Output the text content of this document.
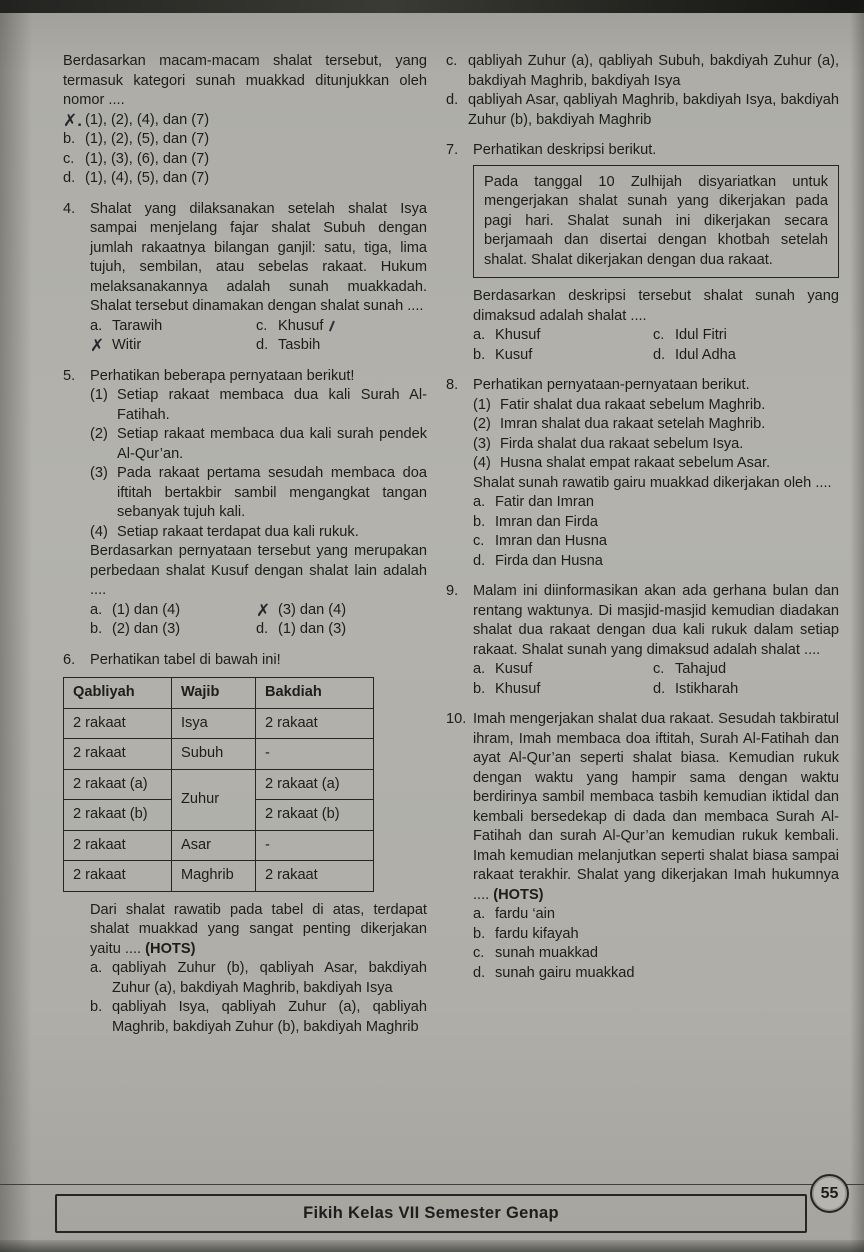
Berdasarkan macam-macam shalat tersebut, yang termasuk kategori sunah muakkad ditunjukkan oleh nomor ....

✗. (1), (2), (4), dan (7)
b. (1), (2), (5), dan (7)
c. (1), (3), (6), dan (7)
d. (1), (4), (5), dan (7)
4.	Shalat yang dilaksanakan setelah shalat Isya sampai menjelang fajar shalat Subuh dengan jumlah rakaatnya bilangan ganjil: satu, tiga, lima tujuh, sembilan, atau sebelas rakaat. Hukum melaksanakannya adalah sunah muakkadah. Shalat tersebut dinamakan dengan shalat sunah ....

a. Tarawih	c. Khusuf
✗ Witir	d. Tasbih
5.	Perhatikan beberapa pernyataan berikut!

(1) Setiap rakaat membaca dua kali Surah Al-Fatihah.
(2) Setiap rakaat membaca dua kali surah pendek Al-Qur’an.
(3) Pada rakaat pertama sesudah membaca doa iftitah bertakbir sambil mengangkat tangan sebanyak tujuh kali.
(4) Setiap rakaat terdapat dua kali rukuk.

Berdasarkan pernyataan tersebut yang merupakan perbedaan shalat Kusuf dengan shalat lain adalah ....

a. (1) dan (4)	✗ (3) dan (4)
b. (2) dan (3)	d. (1) dan (3)
6.	Perhatikan tabel di bawah ini!

Qabliyah	Wajib	Bakdiah
2 rakaat	Isya	2 rakaat
2 rakaat	Subuh	-
2 rakaat (a)	Zuhur	2 rakaat (a)
2 rakaat (b)		2 rakaat (b)
2 rakaat	Asar	-
2 rakaat	Maghrib	2 rakaat

Dari shalat rawatib pada tabel di atas, terdapat shalat muakkad yang sangat penting dikerjakan yaitu .... (HOTS)

a. qabliyah Zuhur (b), qabliyah Asar, bakdiyah Zuhur (a), bakdiyah Maghrib, bakdiyah Isya
b. qabliyah Isya, qabliyah Zuhur (a), qabliyah Maghrib, bakdiyah Zuhur (b), bakdiyah Maghrib
c. qabliyah Zuhur (a), qabliyah Subuh, bakdiyah Zuhur (a), bakdiyah Maghrib, bakdiyah Isya
d. qabliyah Asar, qabliyah Maghrib, bakdiyah Isya, bakdiyah Zuhur (b), bakdiyah Maghrib
7.	Perhatikan deskripsi berikut.

Pada tanggal 10 Zulhijah disyariatkan untuk mengerjakan shalat sunah yang dikerjakan pada pagi hari. Shalat sunah ini dikerjakan secara berjamaah dan disertai dengan khotbah setelah shalat. Shalat dikerjakan dengan dua rakaat.

Berdasarkan deskripsi tersebut shalat sunah yang dimaksud adalah shalat ....

a. Khusuf	c. Idul Fitri
b. Kusuf	d. Idul Adha
8.	Perhatikan pernyataan-pernyataan berikut.

(1) Fatir shalat dua rakaat sebelum Maghrib.
(2) Imran shalat dua rakaat setelah Maghrib.
(3) Firda shalat dua rakaat sebelum Isya.
(4) Husna shalat empat rakaat sebelum Asar.

Shalat sunah rawatib gairu muakkad dikerjakan oleh ....

a. Fatir dan Imran
b. Imran dan Firda
c. Imran dan Husna
d. Firda dan Husna
9.	Malam ini diinformasikan akan ada gerhana bulan dan rentang waktunya. Di masjid-masjid kemudian diadakan shalat dua rakaat dengan dua kali rukuk dalam setiap rakaat. Shalat sunah yang dimaksud adalah shalat ....

a. Kusuf	c. Tahajud
b. Khusuf	d. Istikharah
10. Imah mengerjakan shalat dua rakaat. Sesudah takbiratul ihram, Imah membaca doa iftitah, Surah Al-Fatihah dan ayat Al-Qur’an seperti shalat biasa. Kemudian rukuk dengan waktu yang hampir sama dengan waktu berdirinya sambil membaca tasbih kemudian iktidal dan kembali bersedekap di dada dan membaca Surah Al-Fatihah dan surah Al-Qur’an kemudian rukuk kembali. Imah kemudian melanjutkan seperti shalat biasa sampai rakaat terakhir. Shalat yang dikerjakan Imah hukumnya .... (HOTS)

a. fardu ‘ain
b. fardu kifayah
c. sunah muakkad
d. sunah gairu muakkad
Fikih Kelas VII Semester Genap
55
